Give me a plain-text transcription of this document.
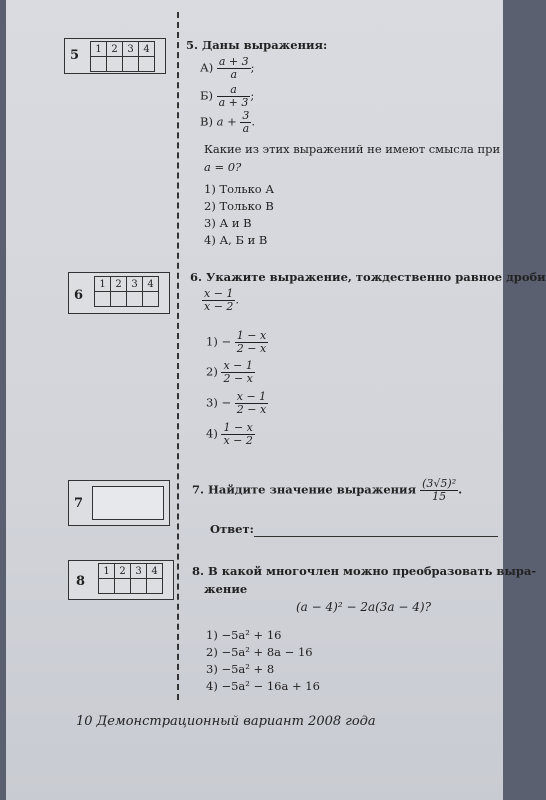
5 1	2	3	4
				5. Даны выражения:
$А) \frac{a + 3}{a}$ ;
$Б) \frac{a}{a + 3}$ ;
В) $a + \frac{3}{a}$ .
Какие из этих выражений не имеют смысла при
a = 0?
1) Только А
2) Только В
3) А и В
4) А, Б и В
6
1	2	3	4
				6. Укажите выражение, тождественно равное дроби
$\frac{x - 1}{x - 2}$ .
$1) - \frac{1 - x}{2 - x}$
$2) \frac{x - 1}{2 - x}$
$3) - \frac{x - 1}{2 - x}$
$4) \frac{1 - x}{x - 2}$
7
7. Найдите значение выражения $\frac{\text{(3√5)²}}{15}$ .
Ответ:
8
1	2	3	4
				8. В какой многочлен можно преобразовать выра-
жение
(a − 4)² − 2a(3a − 4)?
1) −5a² + 16
2) −5a² + 8a − 16
3) −5a² + 8
4) −5a² − 16a + 16
10 Демонстрационный вариант 2008 года
